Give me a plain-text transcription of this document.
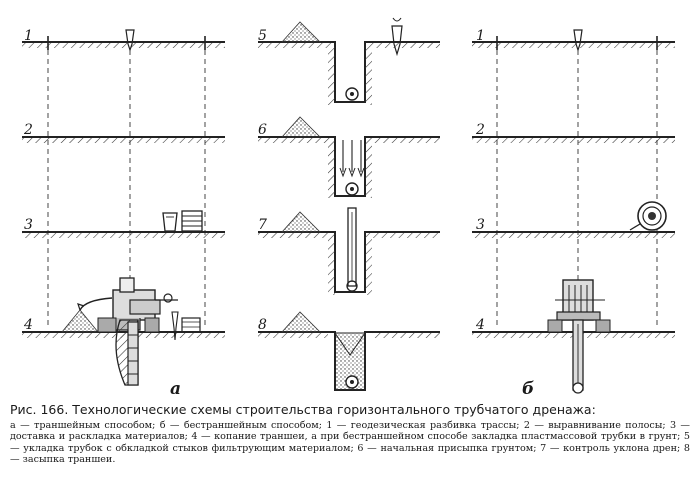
1
2
3
4
5
6
7
8
1
2
3
4
а	б

Рис. 166. Технологические схемы строительства горизонтального трубчатого дренажа:

а — траншейным способом; б — бестраншейным способом; 1 — геодезическая разбивка трассы; 2 — выравнивание полосы; 3 — доставка и раскладка материалов; 4 — копание траншеи, а при бестраншейном способе закладка пластмассовой трубки в грунт; 5 — укладка трубок с обкладкой стыков фильтрующим материалом; 6 — начальная присыпка грунтом; 7 — контроль уклона дрен; 8 — засыпка траншеи.
